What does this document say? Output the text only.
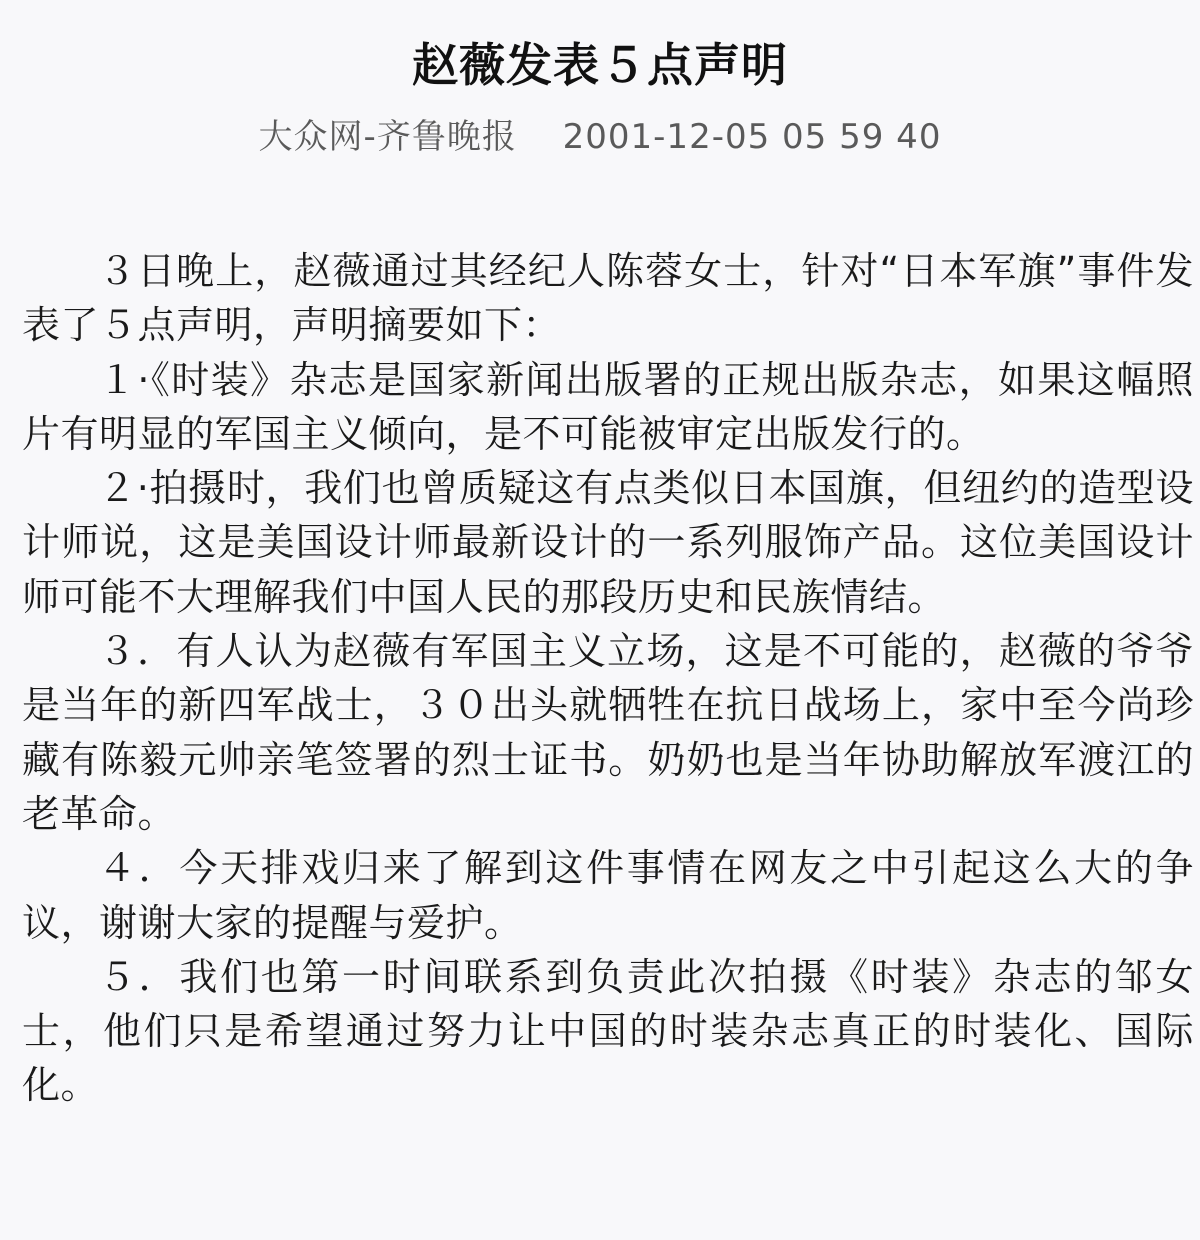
赵薇发表５点声明
大众网-齐鲁晚报 2001-12-05 05 59 40

３日晚上，赵薇通过其经纪人陈蓉女士，针对“日本军旗”事件发表了５点声明，声明摘要如下：

１·《时装》杂志是国家新闻出版署的正规出版杂志，如果这幅照片有明显的军国主义倾向，是不可能被审定出版发行的。

２·拍摄时，我们也曾质疑这有点类似日本国旗，但纽约的造型设计师说，这是美国设计师最新设计的一系列服饰产品。这位美国设计师可能不大理解我们中国人民的那段历史和民族情结。

３．有人认为赵薇有军国主义立场，这是不可能的，赵薇的爷爷是当年的新四军战士，３０出头就牺牲在抗日战场上，家中至今尚珍藏有陈毅元帅亲笔签署的烈士证书。奶奶也是当年协助解放军渡江的老革命。

４．今天排戏归来了解到这件事情在网友之中引起这么大的争议，谢谢大家的提醒与爱护。

５．我们也第一时间联系到负责此次拍摄《时装》杂志的邹女士，他们只是希望通过努力让中国的时装杂志真正的时装化、国际化。
